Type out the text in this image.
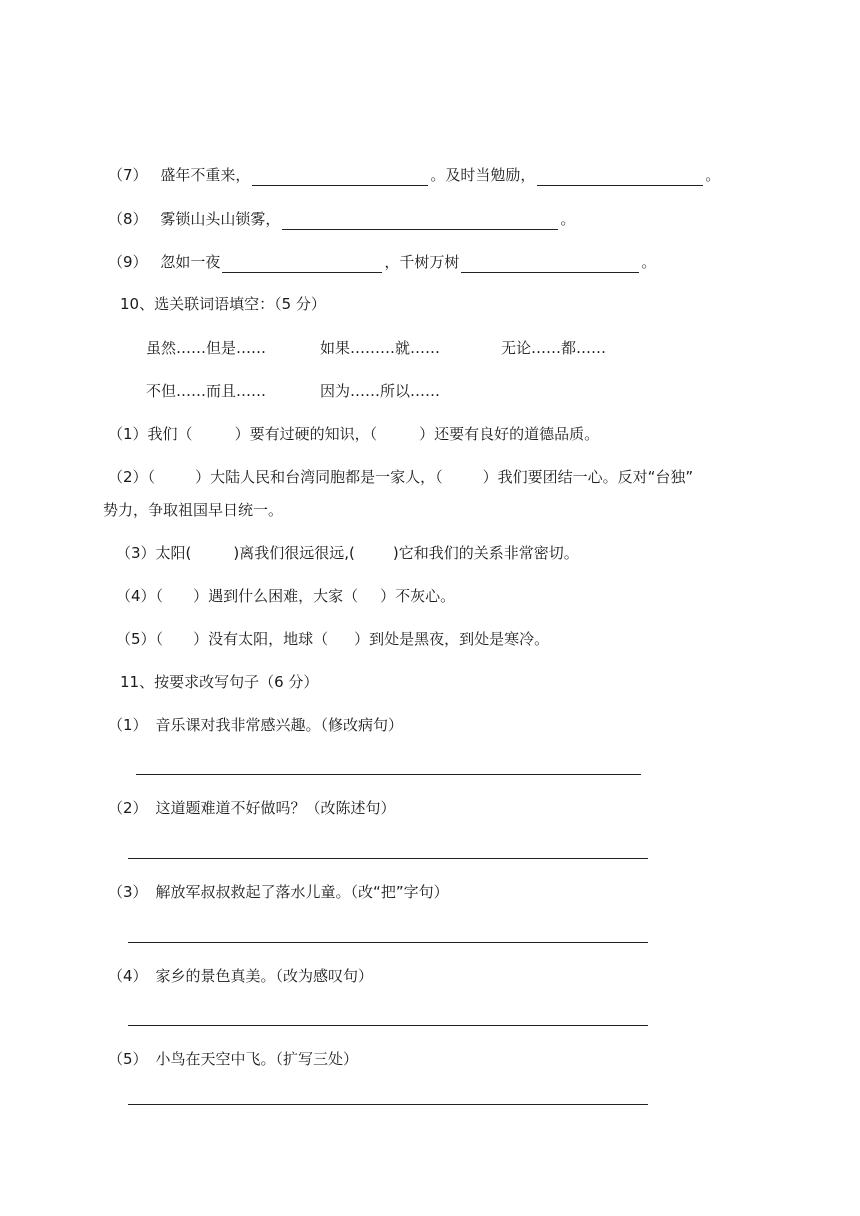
（7） 盛年不重来，	。及时当勉励，	。
（8） 雾锁山头山锁雾，	。
（9） 忽如一夜	，千树万树	。
10、选关联词语填空：（5 分）
虽然……但是……	如果………就……	无论……都……
不但……而且……	因为……所以……
（1）我们（	）要有过硬的知识，（	）还要有良好的道德品质。
（2）（	）大陆人民和台湾同胞都是一家人，（	）我们要团结一心。反对“台独”
势力，争取祖国早日统一。
（3）太阳(	)离我们很远很远,(	)它和我们的关系非常密切。
（4）（ ）遇到什么困难，大家（ ）不灰心。
（5）（ ）没有太阳，地球（ ）到处是黑夜，到处是寒冷。
11、按要求改写句子（6 分）
（1） 音乐课对我非常感兴趣。（修改病句）
（2） 这道题难道不好做吗？（改陈述句）
（3） 解放军叔叔救起了落水儿童。（改“把”字句）
（4） 家乡的景色真美。（改为感叹句）
（5） 小鸟在天空中飞。（扩写三处）
